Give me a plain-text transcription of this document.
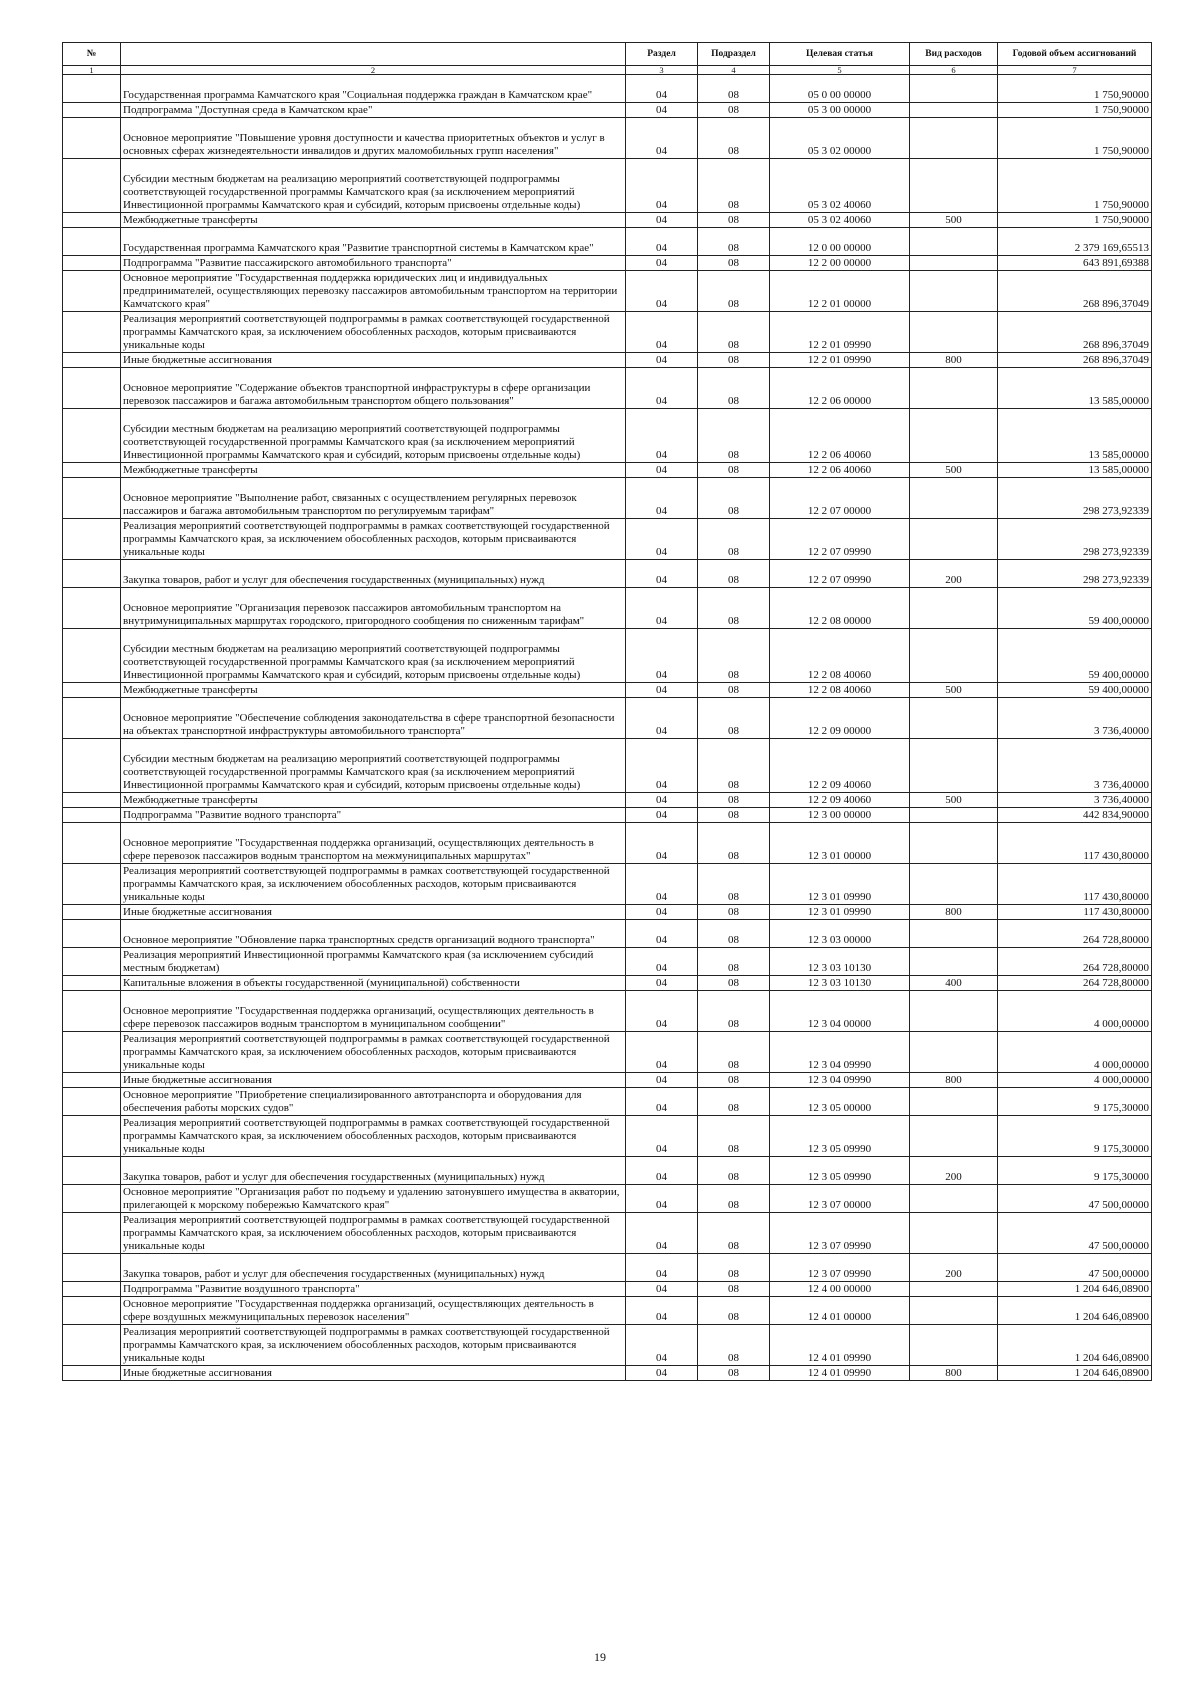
№		Раздел	Подраздел	Целевая статья	Вид расходов	Годовой объем ассигнований
1	2	3	4	5	6	7
	Государственная программа Камчатского края "Социальная поддержка граждан в Камчатском крае"	04	08	05 0 00 00000		1 750,90000
	Подпрограмма "Доступная среда в Камчатском крае"	04	08	05 3 00 00000		1 750,90000
	Основное мероприятие "Повышение уровня доступности и качества приоритетных объектов и услуг в основных сферах жизнедеятельности инвалидов и других маломобильных групп населения"	04	08	05 3 02 00000		1 750,90000
	Субсидии местным бюджетам на реализацию мероприятий соответствующей подпрограммы соответствующей государственной программы Камчатского края (за исключением мероприятий Инвестиционной программы Камчатского края и субсидий, которым присвоены отдельные коды)	04	08	05 3 02 40060		1 750,90000
	Межбюджетные трансферты	04	08	05 3 02 40060	500	1 750,90000
	Государственная программа Камчатского края "Развитие транспортной системы в Камчатском крае"	04	08	12 0 00 00000		2 379 169,65513
	Подпрограмма "Развитие пассажирского автомобильного транспорта"	04	08	12 2 00 00000		643 891,69388
	Основное мероприятие "Государственная поддержка юридических лиц и индивидуальных предпринимателей, осуществляющих перевозку пассажиров автомобильным транспортом на территории Камчатского края"	04	08	12 2 01 00000		268 896,37049
	Реализация мероприятий соответствующей подпрограммы в рамках соответствующей государственной программы Камчатского края, за исключением обособленных расходов, которым присваиваются уникальные коды	04	08	12 2 01 09990		268 896,37049
	Иные бюджетные ассигнования	04	08	12 2 01 09990	800	268 896,37049
	Основное мероприятие "Содержание объектов транспортной инфраструктуры в сфере организации перевозок пассажиров и багажа автомобильным транспортом общего пользования"	04	08	12 2 06 00000		13 585,00000
	Субсидии местным бюджетам на реализацию мероприятий соответствующей подпрограммы соответствующей государственной программы Камчатского края (за исключением мероприятий Инвестиционной программы Камчатского края и субсидий, которым присвоены отдельные коды)	04	08	12 2 06 40060		13 585,00000
	Межбюджетные трансферты	04	08	12 2 06 40060	500	13 585,00000
	Основное мероприятие "Выполнение работ, связанных с осуществлением регулярных перевозок пассажиров и багажа автомобильным транспортом по регулируемым тарифам"	04	08	12 2 07 00000		298 273,92339
	Реализация мероприятий соответствующей подпрограммы в рамках соответствующей государственной программы Камчатского края, за исключением обособленных расходов, которым присваиваются уникальные коды	04	08	12 2 07 09990		298 273,92339
	Закупка товаров, работ и услуг для обеспечения государственных (муниципальных) нужд	04	08	12 2 07 09990	200	298 273,92339
	Основное мероприятие "Организация перевозок пассажиров автомобильным транспортом на внутримуниципальных маршрутах городского, пригородного сообщения по сниженным тарифам"	04	08	12 2 08 00000		59 400,00000
	Субсидии местным бюджетам на реализацию мероприятий соответствующей подпрограммы соответствующей государственной программы Камчатского края (за исключением мероприятий Инвестиционной программы Камчатского края и субсидий, которым присвоены отдельные коды)	04	08	12 2 08 40060		59 400,00000
	Межбюджетные трансферты	04	08	12 2 08 40060	500	59 400,00000
	Основное мероприятие "Обеспечение соблюдения законодательства в сфере транспортной безопасности на объектах транспортной инфраструктуры автомобильного транспорта"	04	08	12 2 09 00000		3 736,40000
	Субсидии местным бюджетам на реализацию мероприятий соответствующей подпрограммы соответствующей государственной программы Камчатского края (за исключением мероприятий Инвестиционной программы Камчатского края и субсидий, которым присвоены отдельные коды)	04	08	12 2 09 40060		3 736,40000
	Межбюджетные трансферты	04	08	12 2 09 40060	500	3 736,40000
	Подпрограмма "Развитие водного транспорта"	04	08	12 3 00 00000		442 834,90000
	Основное мероприятие "Государственная поддержка организаций, осуществляющих деятельность в сфере перевозок пассажиров водным транспортом на межмуниципальных маршрутах"	04	08	12 3 01 00000		117 430,80000
	Реализация мероприятий соответствующей подпрограммы в рамках соответствующей государственной программы Камчатского края, за исключением обособленных расходов, которым присваиваются уникальные коды	04	08	12 3 01 09990		117 430,80000
	Иные бюджетные ассигнования	04	08	12 3 01 09990	800	117 430,80000
	Основное мероприятие "Обновление парка транспортных средств организаций водного транспорта"	04	08	12 3 03 00000		264 728,80000
	Реализация мероприятий Инвестиционной программы Камчатского края (за исключением субсидий местным бюджетам)	04	08	12 3 03 10130		264 728,80000
	Капитальные вложения в объекты государственной (муниципальной) собственности	04	08	12 3 03 10130	400	264 728,80000
	Основное мероприятие "Государственная поддержка организаций, осуществляющих деятельность в сфере перевозок пассажиров водным транспортом в муниципальном сообщении"	04	08	12 3 04 00000		4 000,00000
	Реализация мероприятий соответствующей подпрограммы в рамках соответствующей государственной программы Камчатского края, за исключением обособленных расходов, которым присваиваются уникальные коды	04	08	12 3 04 09990		4 000,00000
	Иные бюджетные ассигнования	04	08	12 3 04 09990	800	4 000,00000
	Основное мероприятие "Приобретение специализированного автотранспорта и оборудования для обеспечения работы морских судов"	04	08	12 3 05 00000		9 175,30000
	Реализация мероприятий соответствующей подпрограммы в рамках соответствующей государственной программы Камчатского края, за исключением обособленных расходов, которым присваиваются уникальные коды	04	08	12 3 05 09990		9 175,30000
	Закупка товаров, работ и услуг для обеспечения государственных (муниципальных) нужд	04	08	12 3 05 09990	200	9 175,30000
	Основное мероприятие "Организация работ по подъему и удалению затонувшего имущества в акватории, прилегающей к морскому побережью Камчатского края"	04	08	12 3 07 00000		47 500,00000
	Реализация мероприятий соответствующей подпрограммы в рамках соответствующей государственной программы Камчатского края, за исключением обособленных расходов, которым присваиваются уникальные коды	04	08	12 3 07 09990		47 500,00000
	Закупка товаров, работ и услуг для обеспечения государственных (муниципальных) нужд	04	08	12 3 07 09990	200	47 500,00000
	Подпрограмма "Развитие воздушного транспорта"	04	08	12 4 00 00000		1 204 646,08900
	Основное мероприятие "Государственная поддержка организаций, осуществляющих деятельность в сфере воздушных межмуниципальных перевозок населения"	04	08	12 4 01 00000		1 204 646,08900
	Реализация мероприятий соответствующей подпрограммы в рамках соответствующей государственной программы Камчатского края, за исключением обособленных расходов, которым присваиваются уникальные коды	04	08	12 4 01 09990		1 204 646,08900
	Иные бюджетные ассигнования	04	08	12 4 01 09990	800	1 204 646,08900
19
